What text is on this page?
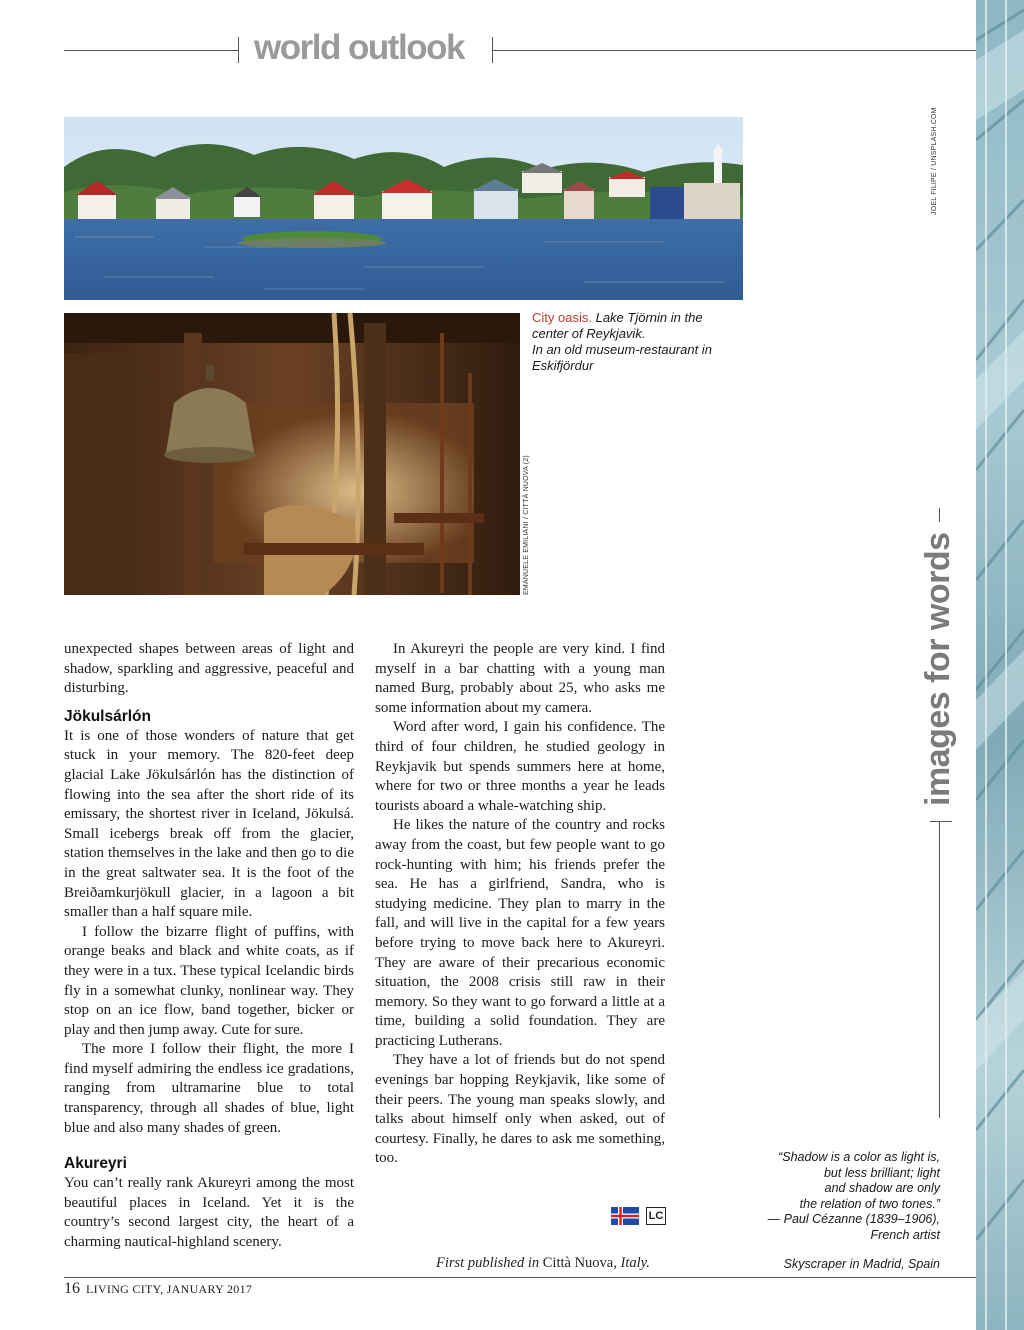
world outlook
JOEL FILIPE / UNSPLASH.COM
EMANUELE EMILIANI / CITTÀ NUOVA (2)
City oasis. Lake Tjörnin in the center of Reykjavik.
In an old museum-restaurant in Eskifjördur
images for words

unexpected shapes between areas of light and shadow, sparkling and aggressive, peaceful and disturbing.

Jökulsárlón

It is one of those wonders of nature that get stuck in your memory. The 820-feet deep glacial Lake Jökulsárlón has the distinction of flowing into the sea after the short ride of its emissary, the shortest river in Iceland, Jökulsá. Small icebergs break off from the glacier, station themselves in the lake and then go to die in the great saltwater sea. It is the foot of the Breiðamkurjökull glacier, in a lagoon a bit smaller than a half square mile.

I follow the bizarre flight of puffins, with orange beaks and black and white coats, as if they were in a tux. These typical Icelandic birds fly in a somewhat clunky, nonlinear way. They stop on an ice flow, band together, bicker or play and then jump away. Cute for sure.

The more I follow their flight, the more I find myself admiring the endless ice gradations, ranging from ultramarine blue to total transparency, through all shades of blue, light blue and also many shades of green.

Akureyri

You can’t really rank Akureyri among the most beautiful places in Iceland. Yet it is the country’s second largest city, the heart of a charming nautical-highland scenery.

In Akureyri the people are very kind. I find myself in a bar chatting with a young man named Burg, probably about 25, who asks me some information about my camera.

Word after word, I gain his confidence. The third of four children, he studied geology in Reykjavik but spends summers here at home, where for two or three months a year he leads tourists aboard a whale-watching ship.

He likes the nature of the country and rocks away from the coast, but few people want to go rock-hunting with him; his friends prefer the sea. He has a girlfriend, Sandra, who is studying medicine. They plan to marry in the fall, and will live in the capital for a few years before trying to move back here to Akureyri. They are aware of their precarious economic situation, the 2008 crisis still raw in their memory. So they want to go forward a little at a time, building a solid foundation. They are practicing Lutherans.

They have a lot of friends but do not spend evenings bar hopping Reykjavik, like some of their peers. The young man speaks slowly, and talks about himself only when asked, out of courtesy. Finally, he dares to ask me something, too.

LC
First published in Città Nuova, Italy.
“Shadow is a color as light is,
but less brilliant; light
and shadow are only
the relation of two tones.”
— Paul Cézanne (1839–1906),
French artist
Skyscraper in Madrid, Spain
16 LIVING CITY, JANUARY 2017
